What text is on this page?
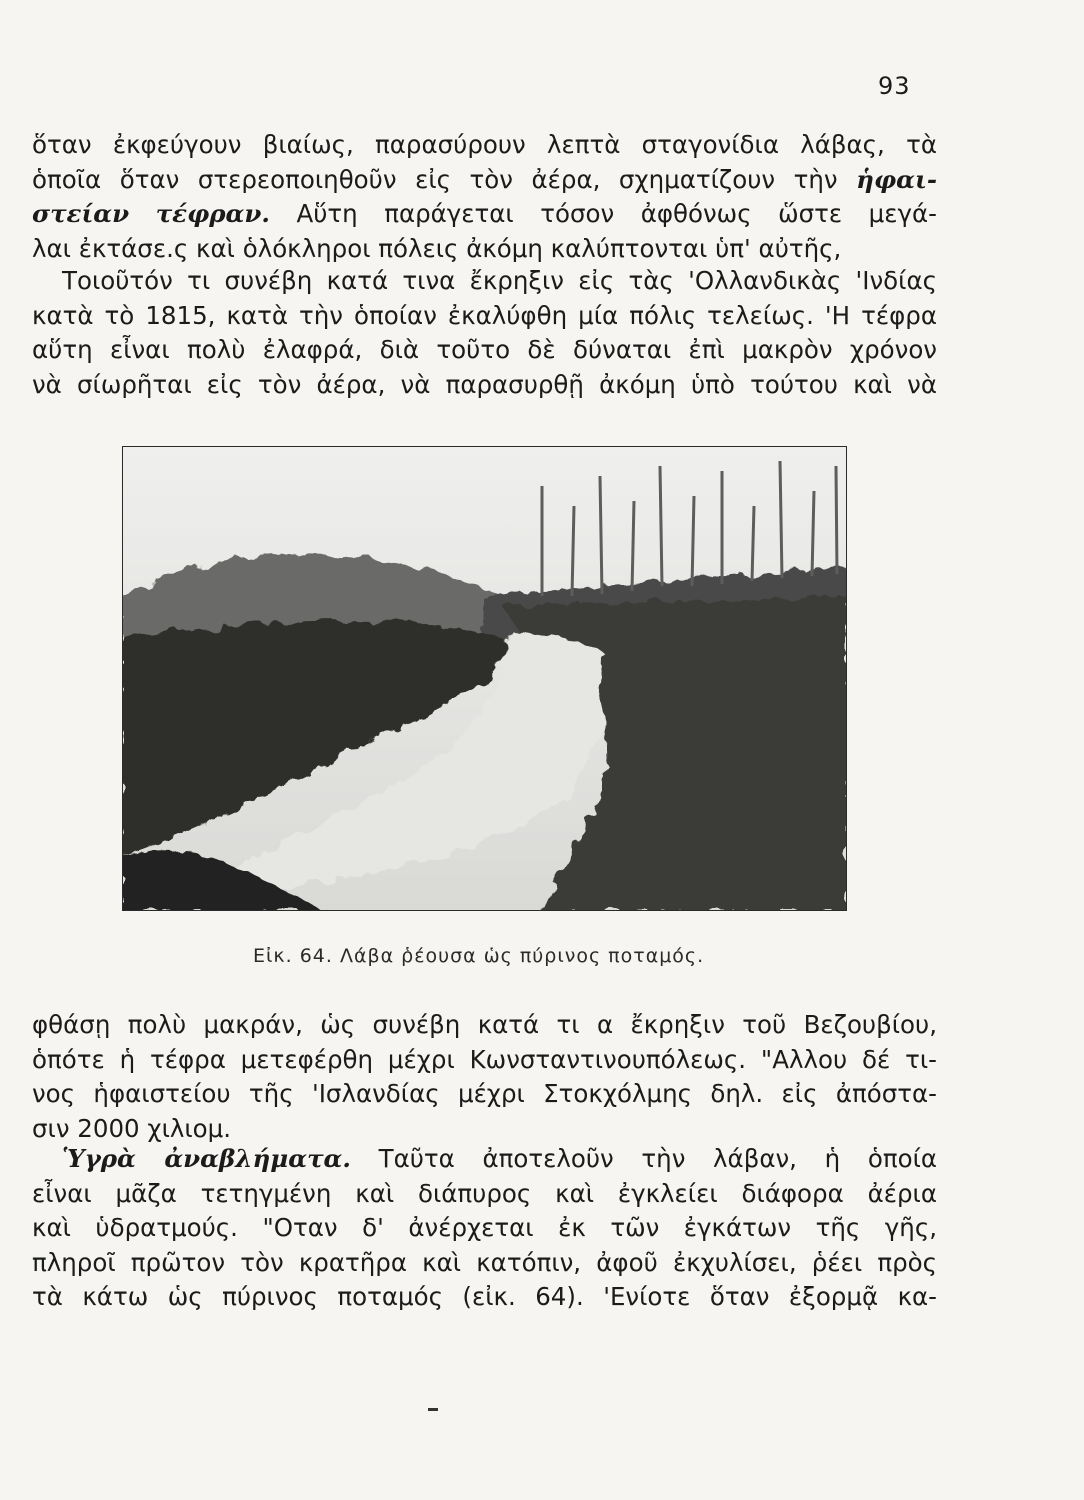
93
ὅταν ἐκφεύγουν βιαίως, παρασύρουν λεπτὰ σταγονίδια λάβας, τὰ
ὁποῖα ὅταν στερεοποιηθοῦν εἰς τὸν ἀέρα, σχηματίζουν τὴν ἡφαι-
στείαν τέφραν. Αὕτη παράγεται τόσον ἀφθόνως ὥστε μεγά-
λαι ἐκτάσε.ς καὶ ὁλόκληροι πόλεις ἀκόμη καλύπτονται ὑπ' αὐτῆς,
Τοιοῦτόν τι συνέβη κατά τινα ἔκρηξιν εἰς τὰς 'Ολλανδικὰς 'Ινδίας
κατὰ τὸ 1815, κατὰ τὴν ὁποίαν ἐκαλύφθη μία πόλις τελείως. 'Η τέφρα
αὕτη εἶναι πολὺ ἐλαφρά, διὰ τοῦτο δὲ δύναται ἐπὶ μακρὸν χρόνον
νὰ σίωρῆται εἰς τὸν ἀέρα, νὰ παρασυρθῇ ἀκόμη ὑπὸ τούτου καὶ νὰ
Εἰκ. 64. Λάβα ῥέουσα ὡς πύρινος ποταμός.
φθάσῃ πολὺ μακράν, ὡς συνέβη κατά τι α ἔκρηξιν τοῦ Βεζουβίου,
ὁπότε ἡ τέφρα μετεφέρθη μέχρι Κωνσταντινουπόλεως. "Αλλου δέ τι-
νος ἡφαιστείου τῆς 'Ισλανδίας μέχρι Στοκχόλμης δηλ. εἰς ἀπόστα-
σιν 2000 χιλιομ.
Ὑγρὰ ἀναβλήματα. Ταῦτα ἀποτελοῦν τὴν λάβαν, ἡ ὁποία
εἶναι μᾶζα τετηγμένη καὶ διάπυρος καὶ ἐγκλείει διάφορα ἀέρια
καὶ ὑδρατμούς. "Οταν δ' ἀνέρχεται ἐκ τῶν ἐγκάτων τῆς γῆς,
πληροῖ πρῶτον τὸν κρατῆρα καὶ κατόπιν, ἀφοῦ ἐκχυλίσει, ῥέει πρὸς
τὰ κάτω ὡς πύρινος ποταμός (εἰκ. 64). 'Ενίοτε ὅταν ἐξορμᾷ κα-
